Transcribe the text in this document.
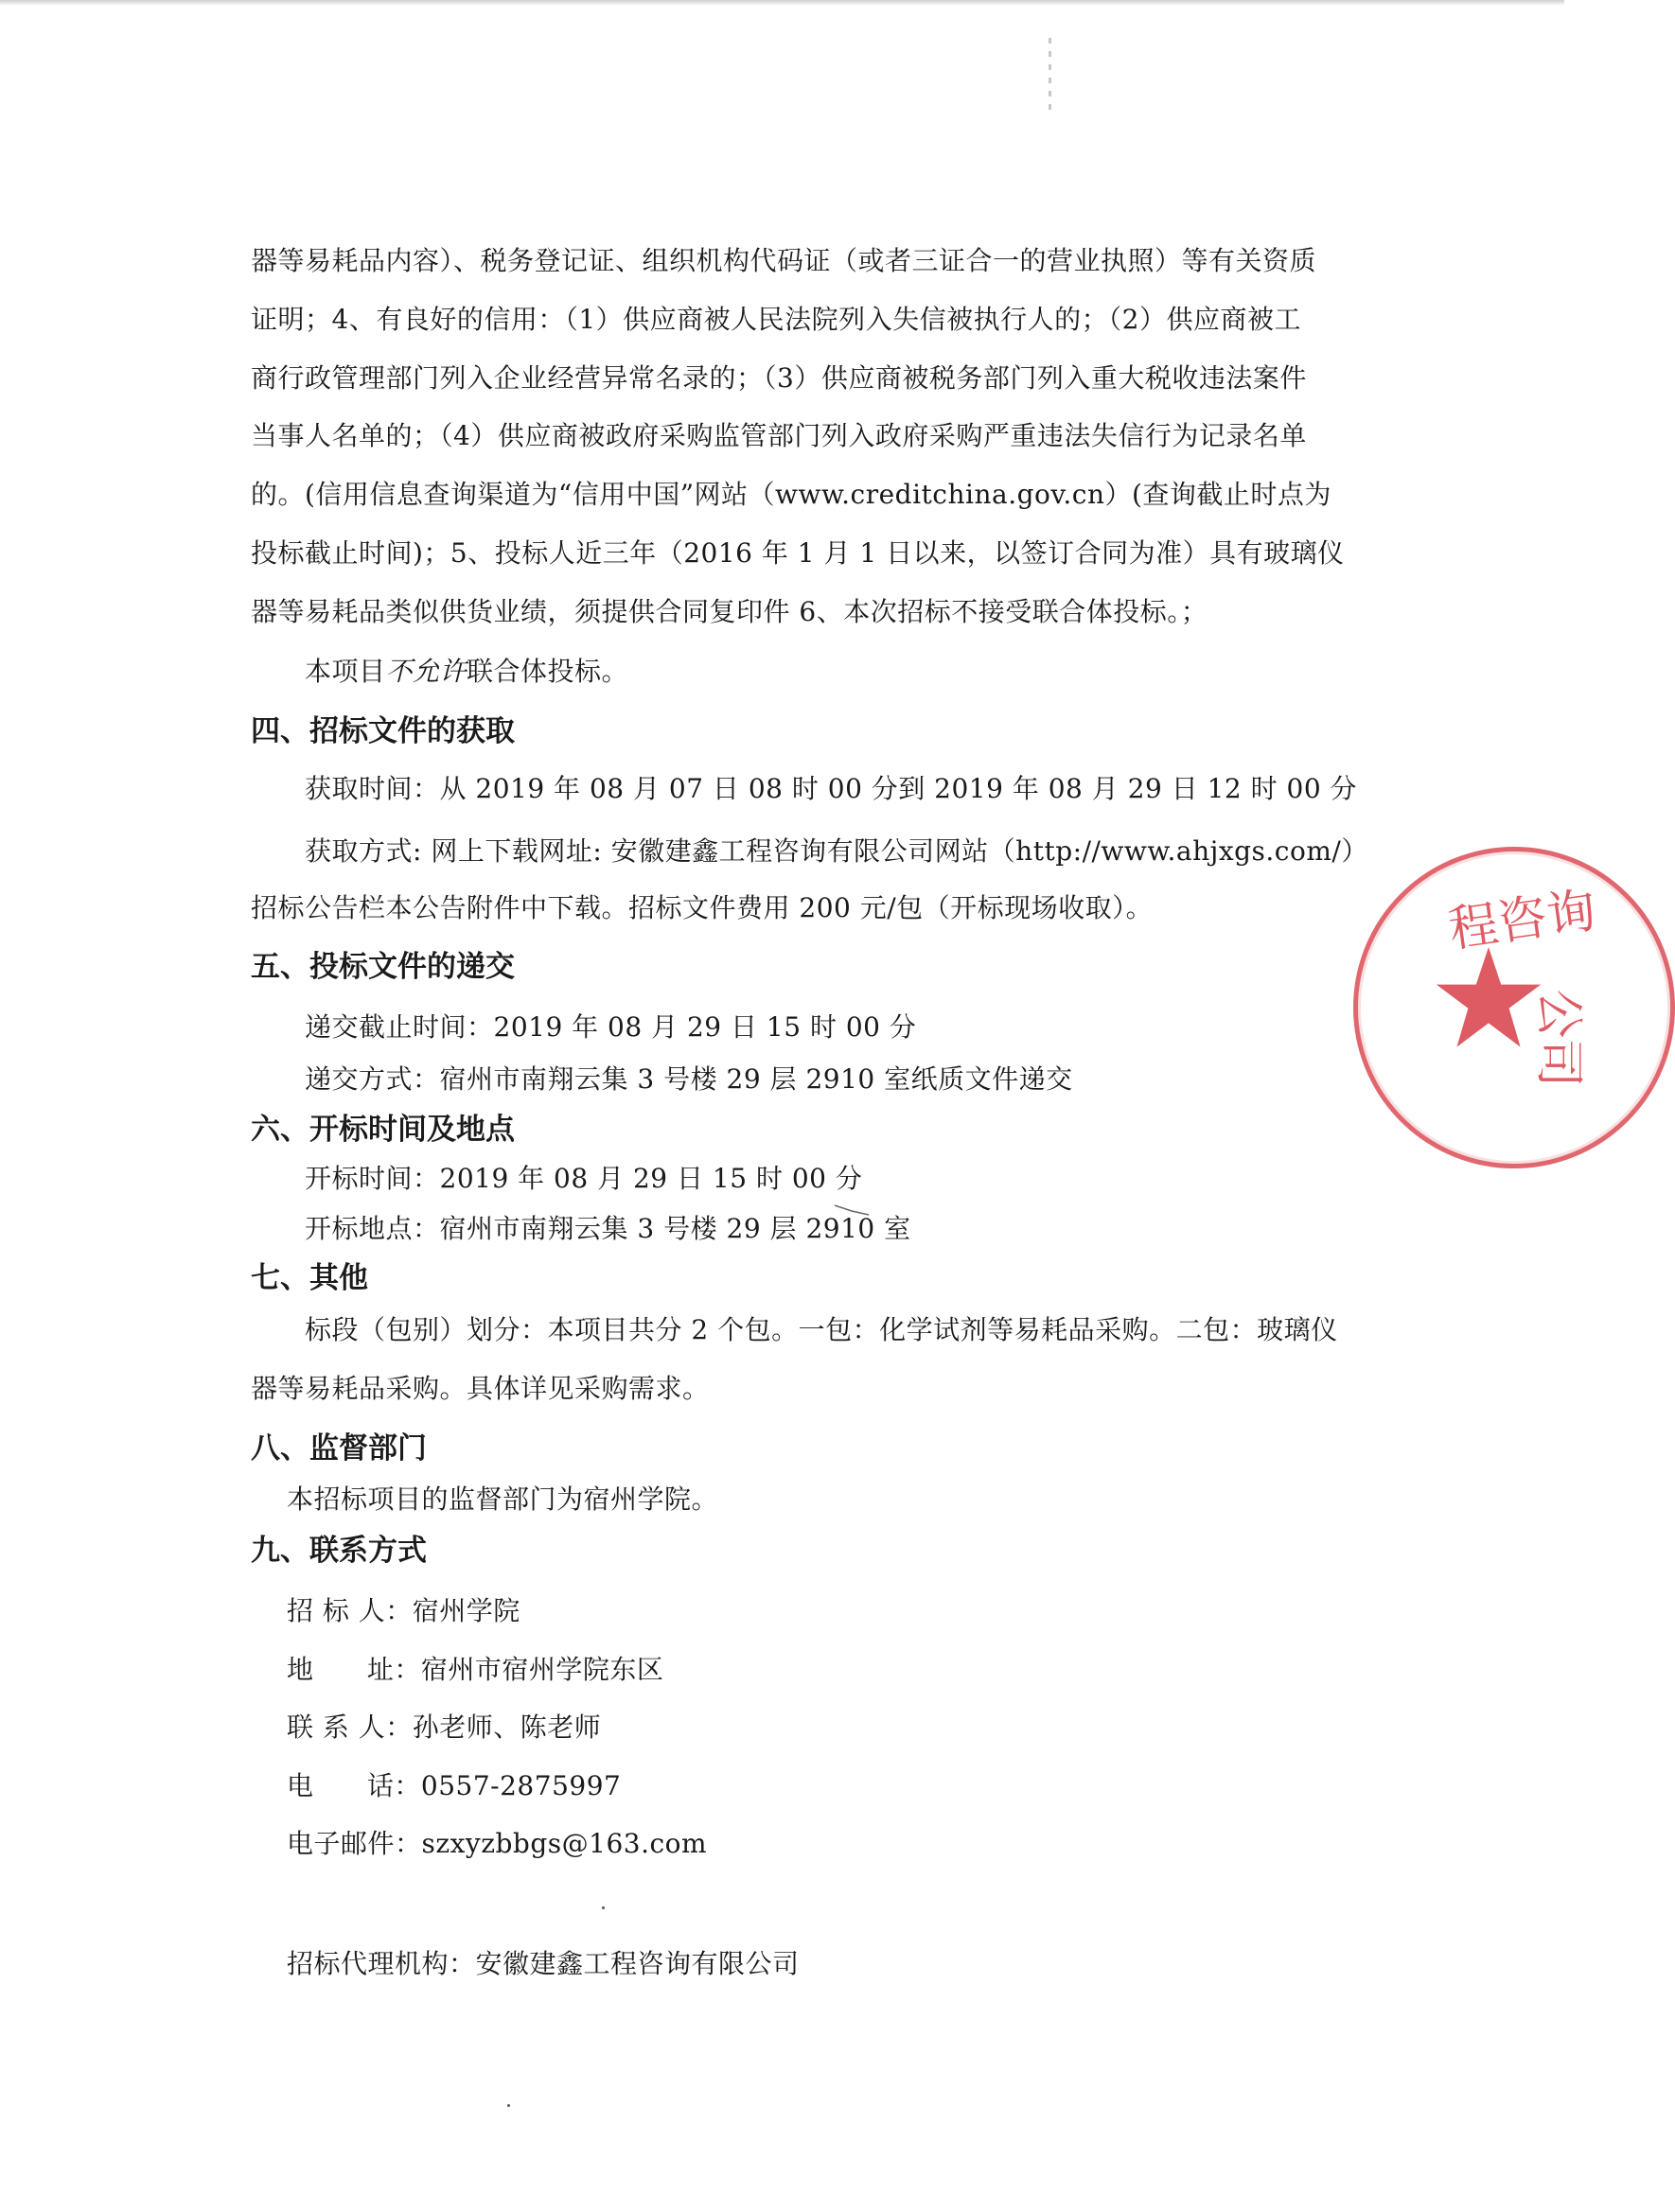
器等易耗品内容）、税务登记证、组织机构代码证（或者三证合一的营业执照）等有关资质
证明；4、有良好的信用：（1）供应商被人民法院列入失信被执行人的；（2）供应商被工
商行政管理部门列入企业经营异常名录的；（3）供应商被税务部门列入重大税收违法案件
当事人名单的；（4）供应商被政府采购监管部门列入政府采购严重违法失信行为记录名单
的。(信用信息查询渠道为“信用中国”网站（www.creditchina.gov.cn）(查询截止时点为
投标截止时间)；5、投标人近三年（2016 年 1 月 1 日以来，以签订合同为准）具有玻璃仪
器等易耗品类似供货业绩，须提供合同复印件 6、本次招标不接受联合体投标。；
本项目不允许联合体投标。
四、招标文件的获取
获取时间：从 2019 年 08 月 07 日 08 时 00 分到 2019 年 08 月 29 日 12 时 00 分
获取方式: 网上下载网址: 安徽建鑫工程咨询有限公司网站（http://www.ahjxgs.com/）
招标公告栏本公告附件中下载。招标文件费用 200 元/包（开标现场收取）。
五、投标文件的递交
递交截止时间：2019 年 08 月 29 日 15 时 00 分
递交方式：宿州市南翔云集 3 号楼 29 层 2910 室纸质文件递交
六、开标时间及地点
开标时间：2019 年 08 月 29 日 15 时 00 分
开标地点：宿州市南翔云集 3 号楼 29 层 2910 室
七、其他
标段（包别）划分：本项目共分 2 个包。一包：化学试剂等易耗品采购。二包：玻璃仪
器等易耗品采购。具体详见采购需求。
八、监督部门
本招标项目的监督部门为宿州学院。
九、联系方式
招 标 人：宿州学院
地      址：宿州市宿州学院东区
联 系 人：孙老师、陈老师
电      话：0557-2875997
电子邮件：szxyzbbgs@163.com
招标代理机构：安徽建鑫工程咨询有限公司
程咨询
公司
